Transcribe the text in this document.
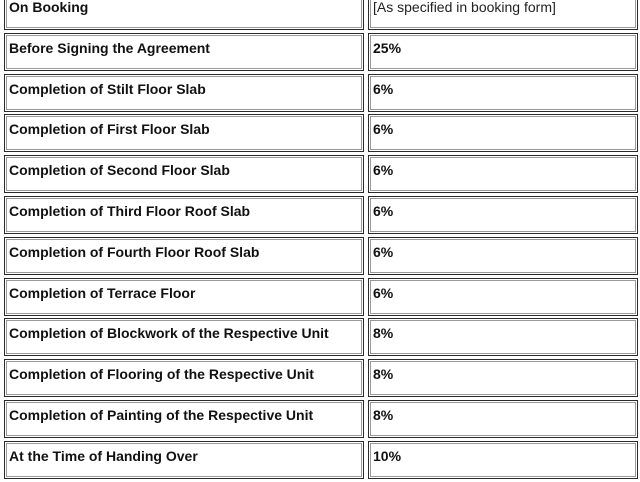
On Booking	[As specified in booking form]
Before Signing the Agreement	25%
Completion of Stilt Floor Slab	6%
Completion of First Floor Slab	6%
Completion of Second Floor Slab	6%
Completion of Third Floor Roof Slab	6%
Completion of Fourth Floor Roof Slab	6%
Completion of Terrace Floor	6%
Completion of Blockwork of the Respective Unit	8%
Completion of Flooring of the Respective Unit	8%
Completion of Painting of the Respective Unit	8%
At the Time of Handing Over	10%
